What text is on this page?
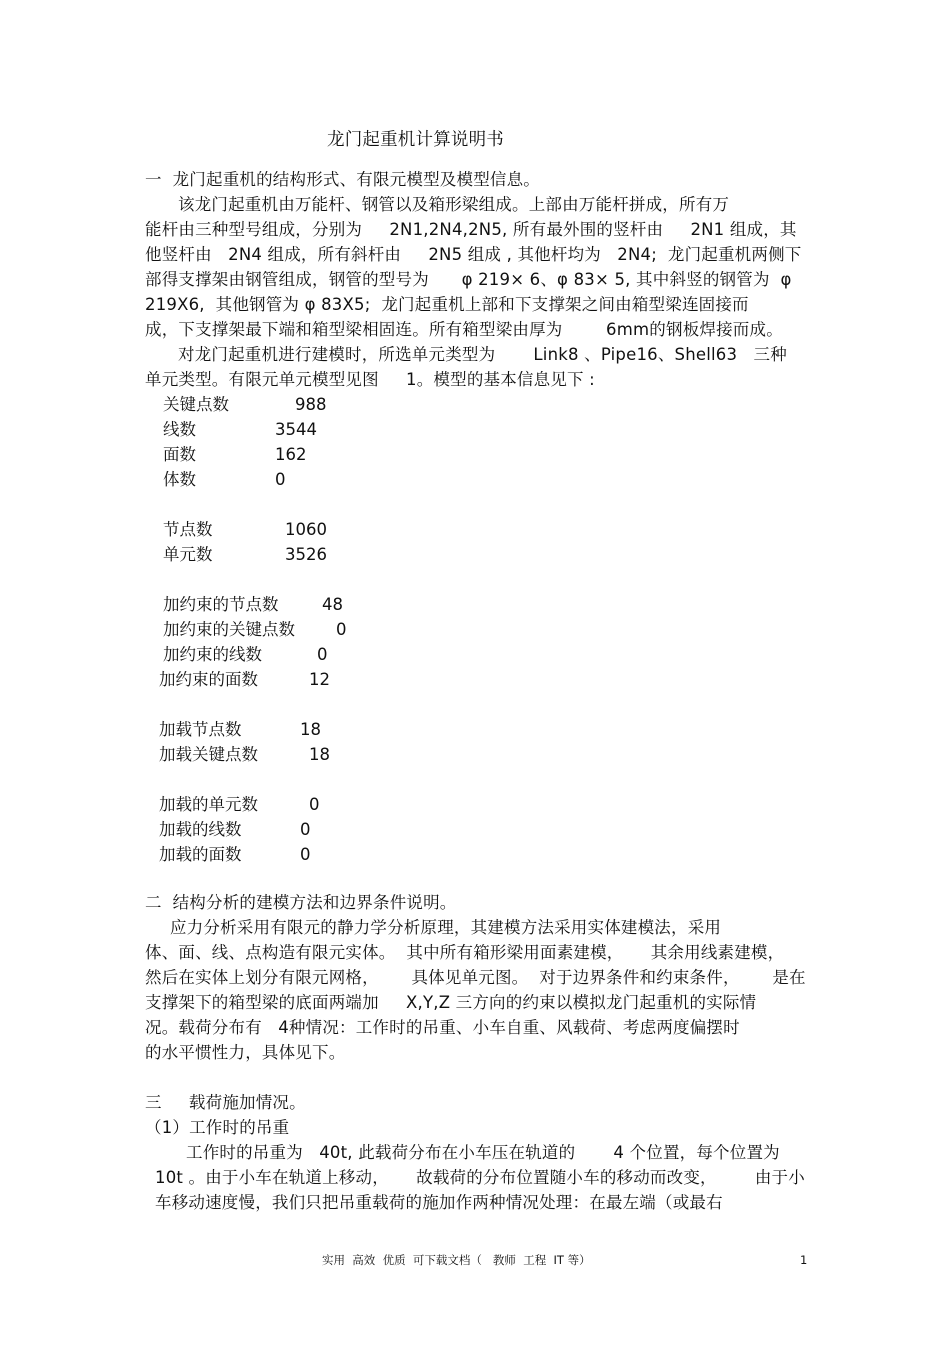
龙门起重机计算说明书

一  龙门起重机的结构形式、有限元模型及模型信息。

该龙门起重机由万能杆、钢管以及箱形梁组成。上部由万能杆拼成，所有万

能杆由三种型号组成，分别为     2N1,2N4,2N5, 所有最外围的竖杆由     2N1 组成，其

他竖杆由   2N4 组成，所有斜杆由     2N5 组成 , 其他杆均为   2N4;  龙门起重机两侧下

部得支撑架由钢管组成，钢管的型号为      φ 219× 6、φ 83× 5, 其中斜竖的钢管为  φ

219X6,  其他钢管为 φ 83X5;  龙门起重机上部和下支撑架之间由箱型梁连固接而

成，下支撑架最下端和箱型梁相固连。所有箱型梁由厚为        6mm的钢板焊接而成。

对龙门起重机进行建模时，所选单元类型为       Link8 、Pipe16、Shell63   三种

单元类型。有限元单元模型见图     1。模型的基本信息见下 :

关键点数	988

线数	3544

面数	162

体数	0

节点数	1060

单元数	3526

加约束的节点数	48

加约束的关键点数 0

加约束的线数	0

加约束的面数	12

加载节点数	18

加载关键点数	18

加载的单元数	0

加载的线数	0

加载的面数	0

二  结构分析的建模方法和边界条件说明。

应力分析采用有限元的静力学分析原理，其建模方法采用实体建模法，采用

体、面、线、点构造有限元实体。  其中所有箱形梁用面素建模，     其余用线素建模，

然后在实体上划分有限元网格，      具体见单元图。  对于边界条件和约束条件，      是在

支撑架下的箱型梁的底面两端加     X,Y,Z 三方向的约束以模拟龙门起重机的实际情

况。载荷分布有   4种情况：工作时的吊重、小车自重、风载荷、考虑两度偏摆时

的水平惯性力，具体见下。

三     载荷施加情况。

（1）工作时的吊重

工作时的吊重为   40t, 此载荷分布在小车压在轨道的       4 个位置，每个位置为

10t 。由于小车在轨道上移动，     故载荷的分布位置随小车的移动而改变，       由于小

车移动速度慢，我们只把吊重载荷的施加作两种情况处理：在最左端（或最右

实用  高效  优质  可下载文档（   教师  工程  IT 等）	1
